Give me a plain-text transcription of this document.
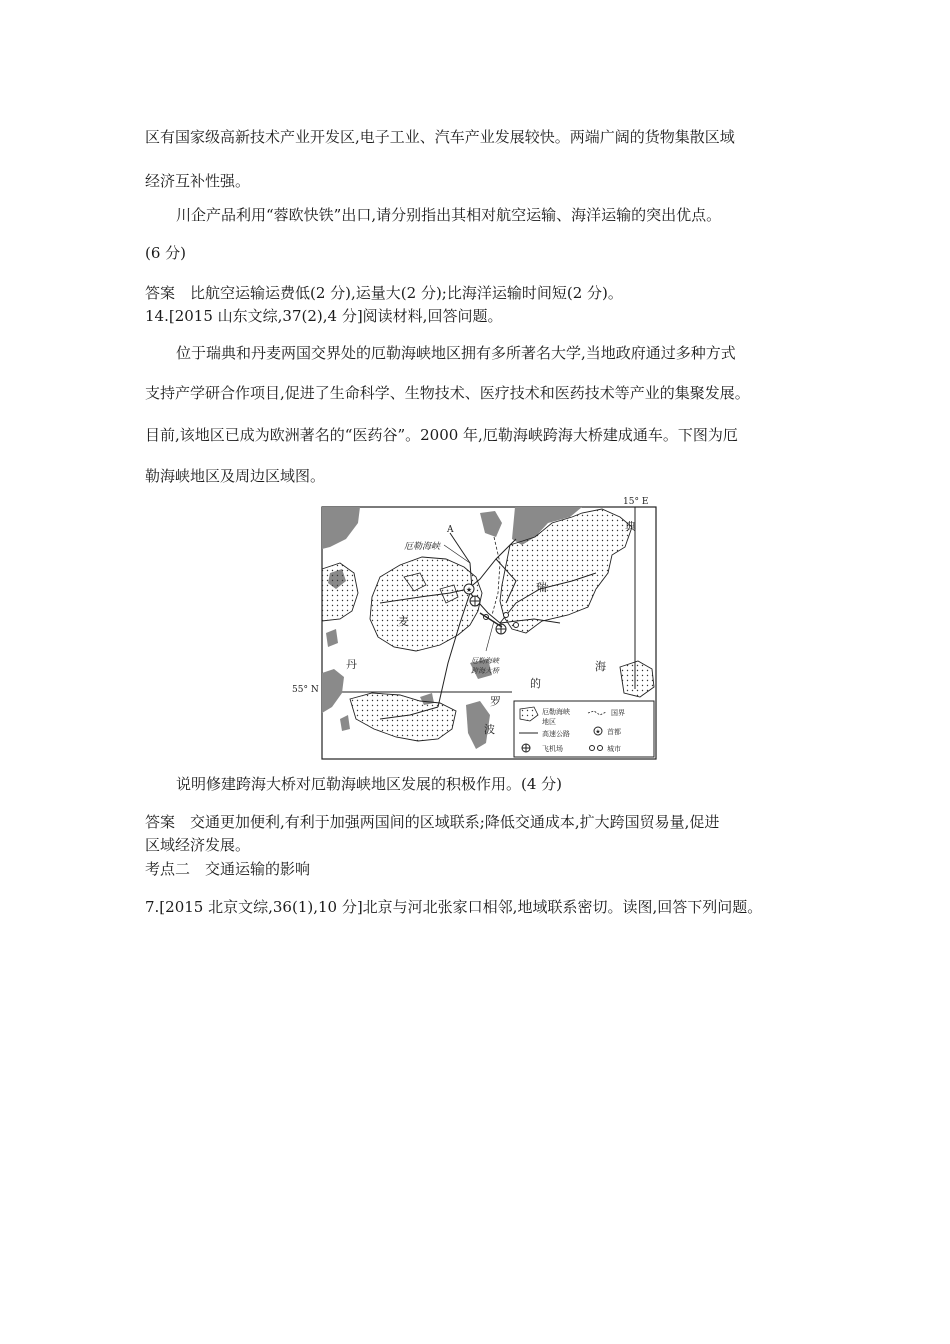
区有国家级高新技术产业开发区,电子工业、汽车产业发展较快。两端广阔的货物集散区域
经济互补性强。
川企产品利用“蓉欧快铁”出口,请分别指出其相对航空运输、海洋运输的突出优点。
(6 分)
答案　比航空运输运费低(2 分),运量大(2 分);比海洋运输时间短(2 分)。
14.[2015 山东文综,37(2),4 分]阅读材料,回答问题。
位于瑞典和丹麦两国交界处的厄勒海峡地区拥有多所著名大学,当地政府通过多种方式
支持产学研合作项目,促进了生命科学、生物技术、医疗技术和医药技术等产业的集聚发展。
目前,该地区已成为欧洲著名的“医药谷”。2000 年,厄勒海峡跨海大桥建成通车。下图为厄
勒海峡地区及周边区域图。
15° E
55° N
★
A
厄勒海峡
厄勒海峡
跨海大桥
典
瑞
麦
丹	海
的
罗
波
厄勒海峡
地区
国界
高速公路	★ 首都
飞机场	城市
说明修建跨海大桥对厄勒海峡地区发展的积极作用。(4 分)
答案　交通更加便利,有利于加强两国间的区域联系;降低交通成本,扩大跨国贸易量,促进
区域经济发展。
考点二　交通运输的影响
7.[2015 北京文综,36(1),10 分]北京与河北张家口相邻,地域联系密切。读图,回答下列问题。
